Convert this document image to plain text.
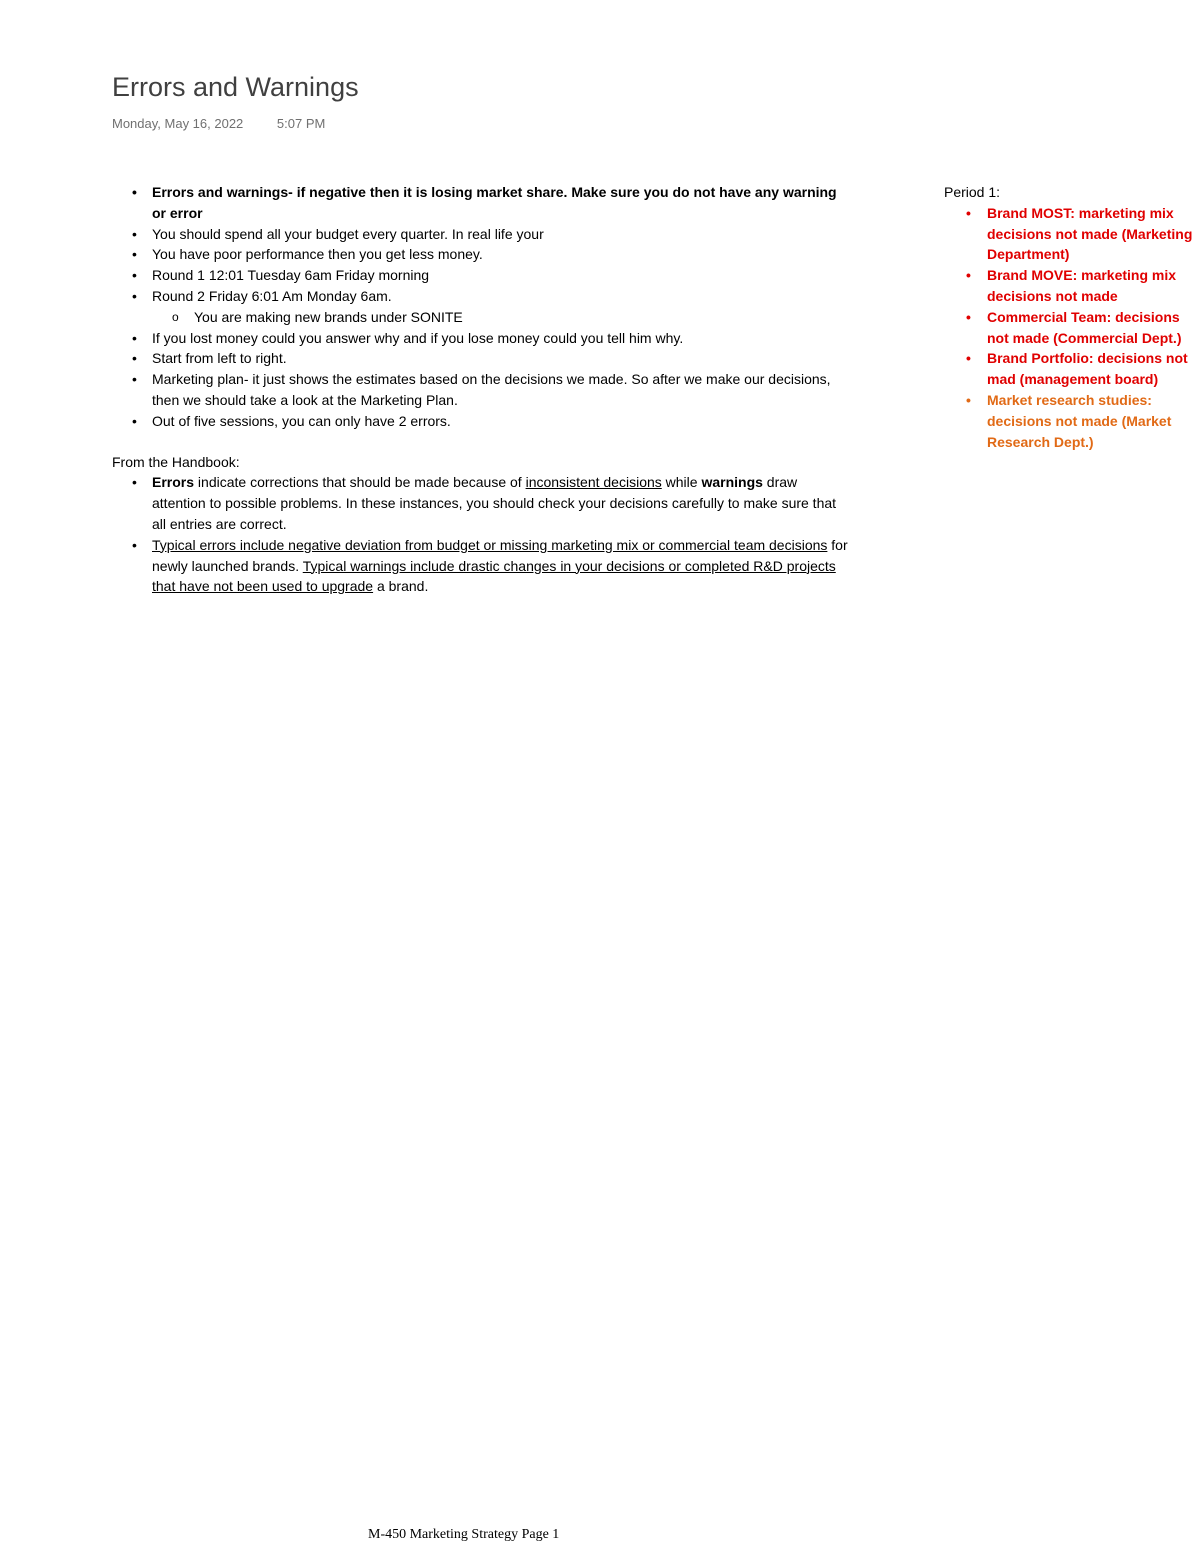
Errors and Warnings
Monday, May 16, 2022	5:07 PM
• Errors and warnings- if negative then it is losing market share. Make sure you do not have any warning or error
• You should spend all your budget every quarter. In real life your
• You have poor performance then you get less money.
• Round 1 12:01 Tuesday 6am Friday morning
• Round 2 Friday 6:01 Am Monday 6am.
o You are making new brands under SONITE
• If you lost money could you answer why and if you lose money could you tell him why.
• Start from left to right.
• Marketing plan- it just shows the estimates based on the decisions we made. So after we make our decisions, then we should take a look at the Marketing Plan.
• Out of five sessions, you can only have 2 errors.
From the Handbook:
• Errors indicate corrections that should be made because of inconsistent decisions while warnings draw attention to possible problems. In these instances, you should check your decisions carefully to make sure that all entries are correct.
• Typical errors include negative deviation from budget or missing marketing mix or commercial team decisions for newly launched brands. Typical warnings include drastic changes in your decisions or completed R&D projects that have not been used to upgrade a brand.
Period 1:
• Brand MOST: marketing mix decisions not made (Marketing Department)
• Brand MOVE: marketing mix decisions not made
• Commercial Team: decisions not made (Commercial Dept.)
• Brand Portfolio: decisions not mad (management board)
• Market research studies: decisions not made (Market Research Dept.)
M-450 Marketing Strategy Page 1
